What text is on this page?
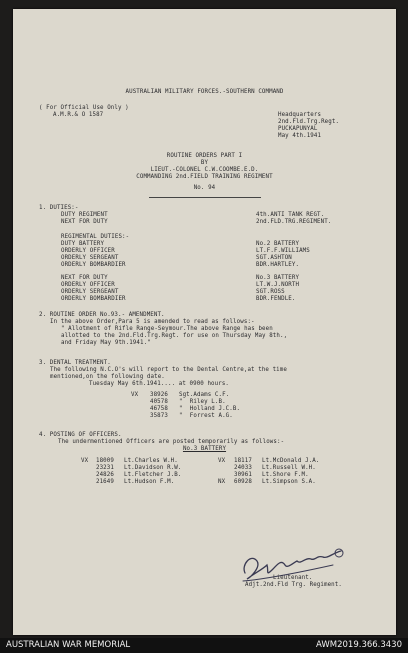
AUSTRALIAN MILITARY FORCES.-SOUTHERN COMMAND
( For Official Use Only )
A.M.R.& O 1587	Headquarters
2nd.Fld.Trg.Regt.
PUCKAPUNYAL
May 4th.1941
ROUTINE ORDERS PART I
BY
LIEUT.-COLONEL C.W.COOMBE.E.D.
COMMANDING 2nd.FIELD TRAINING REGIMENT
No. 94
1. DUTIES:-
DUTY REGIMENT	4th.ANTI TANK REGT.
NEXT FOR DUTY	2nd.FLD.TRG.REGIMENT.
REGIMENTAL DUTIES:-
DUTY BATTERY	No.2 BATTERY
ORDERLY OFFICER	LT.F.F.WILLIAMS
ORDERLY SERGEANT	SGT.ASHTON
ORDERLY BOMBARDIER	BDR.HARTLEY.
NEXT FOR DUTY	No.3 BATTERY
ORDERLY OFFICER	LT.W.J.NORTH
ORDERLY SERGEANT	SGT.ROSS
ORDERLY BOMBARDIER	BDR.FENDLE.
2. ROUTINE ORDER No.93.- AMENDMENT.
In the above Order,Para 5 is amended to read as follows:-
" Allotment of Rifle Range-Seymour.The above Range has been
allotted to the 2nd.Fld.Trg.Regt. for use on Thursday May 8th.,
and Friday May 9th.1941."
3. DENTAL TREATMENT.
The following N.C.O's will report to the Dental Centre,at the time
mentioned,on the following date.
Tuesday May 6th.1941.... at 0900 hours.
VX 38926 Sgt.Adams C.F.
40578 "  Riley L.B.
46758 "  Holland J.C.B.
35873 "  Forrest A.G.
4. POSTING OF OFFICERS.
The undermentioned Officers are posted temporarily as follows:-
No.3 BATTERY
VX 18009 Lt.Charles W.H.
23231 Lt.Davidson R.W.
24826 Lt.Fletcher J.B.
21649 Lt.Hudson F.M.
VX 18117 Lt.McDonald J.A.
24033 Lt.Russell W.H.
30961 Lt.Shore F.M.
NX 60928 Lt.Simpson S.A.
Lieutenant.
Adjt.2nd.Fld Trg. Regiment.
AUSTRALIAN WAR MEMORIAL	AWM2019.366.3430
